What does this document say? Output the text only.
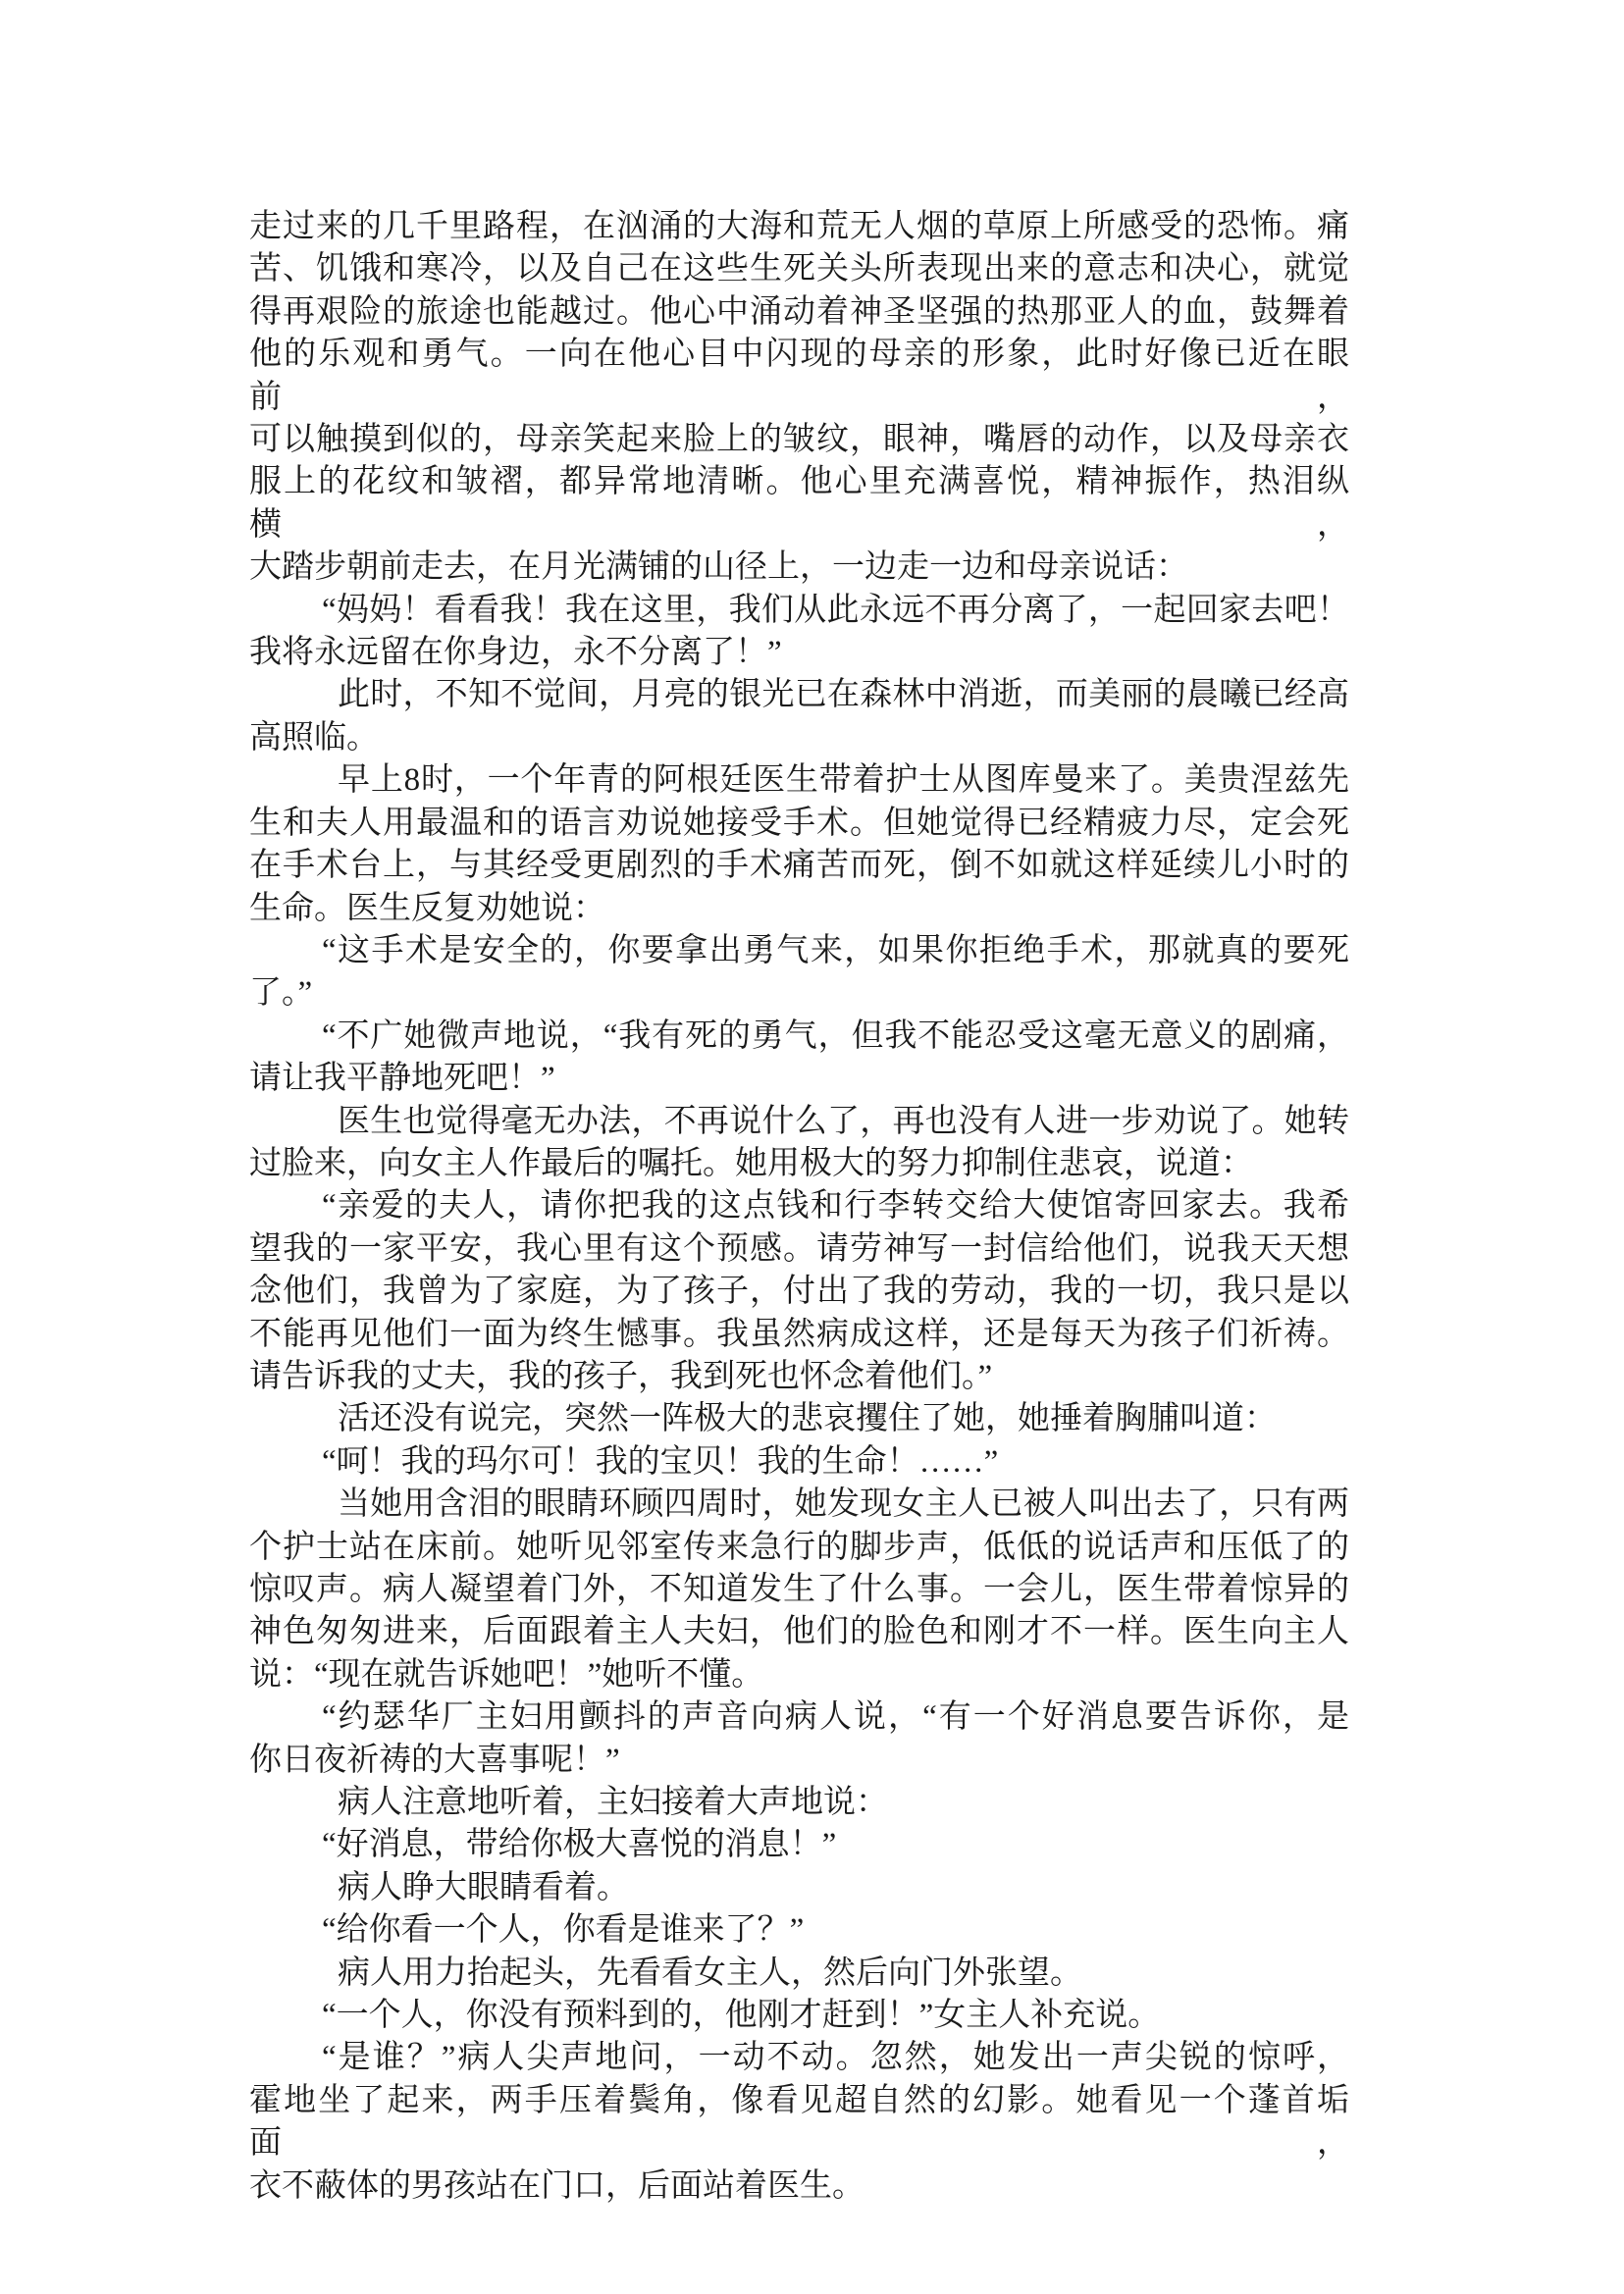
走过来的几千里路程，在汹涌的大海和荒无人烟的草原上所感受的恐怖。痛
苦、饥饿和寒冷，以及自己在这些生死关头所表现出来的意志和决心，就觉
得再艰险的旅途也能越过。他心中涌动着神圣坚强的热那亚人的血，鼓舞着
他的乐观和勇气。一向在他心目中闪现的母亲的形象，此时好像已近在眼前，
可以触摸到似的，母亲笑起来脸上的皱纹，眼神，嘴唇的动作，以及母亲衣
服上的花纹和皱褶，都异常地清晰。他心里充满喜悦，精神振作，热泪纵横，
大踏步朝前走去，在月光满铺的山径上，一边走一边和母亲说话：
“妈妈！看看我！我在这里，我们从此永远不再分离了，一起回家去吧！
我将永远留在你身边，永不分离了！”
此时，不知不觉间，月亮的银光已在森林中消逝，而美丽的晨曦已经高
高照临。
早上8时，一个年青的阿根廷医生带着护士从图库曼来了。美贵涅兹先
生和夫人用最温和的语言劝说她接受手术。但她觉得已经精疲力尽，定会死
在手术台上，与其经受更剧烈的手术痛苦而死，倒不如就这样延续儿小时的
生命。医生反复劝她说：
“这手术是安全的，你要拿出勇气来，如果你拒绝手术，那就真的要死
了。”
“不广她微声地说，“我有死的勇气，但我不能忍受这毫无意义的剧痛，
请让我平静地死吧！”
医生也觉得毫无办法，不再说什么了，再也没有人进一步劝说了。她转
过脸来，向女主人作最后的嘱托。她用极大的努力抑制住悲哀，说道：
“亲爱的夫人，请你把我的这点钱和行李转交给大使馆寄回家去。我希
望我的一家平安，我心里有这个预感。请劳神写一封信给他们，说我天天想
念他们，我曾为了家庭，为了孩子，付出了我的劳动，我的一切，我只是以
不能再见他们一面为终生憾事。我虽然病成这样，还是每天为孩子们祈祷。
请告诉我的丈夫，我的孩子，我到死也怀念着他们。”
活还没有说完，突然一阵极大的悲哀攫住了她，她捶着胸脯叫道：
“呵！我的玛尔可！我的宝贝！我的生命！……”
当她用含泪的眼睛环顾四周时，她发现女主人已被人叫出去了，只有两
个护士站在床前。她听见邻室传来急行的脚步声，低低的说话声和压低了的
惊叹声。病人凝望着门外，不知道发生了什么事。一会儿，医生带着惊异的
神色匆匆进来，后面跟着主人夫妇，他们的脸色和刚才不一样。医生向主人
说：“现在就告诉她吧！”她听不懂。
“约瑟华厂主妇用颤抖的声音向病人说，“有一个好消息要告诉你，是
你日夜祈祷的大喜事呢！”
病人注意地听着，主妇接着大声地说：
“好消息，带给你极大喜悦的消息！”
病人睁大眼睛看着。
“给你看一个人，你看是谁来了？”
病人用力抬起头，先看看女主人，然后向门外张望。
“一个人，你没有预料到的，他刚才赶到！”女主人补充说。
“是谁？”病人尖声地问，一动不动。忽然，她发出一声尖锐的惊呼，
霍地坐了起来，两手压着鬓角，像看见超自然的幻影。她看见一个蓬首垢面，
衣不蔽体的男孩站在门口，后面站着医生。
